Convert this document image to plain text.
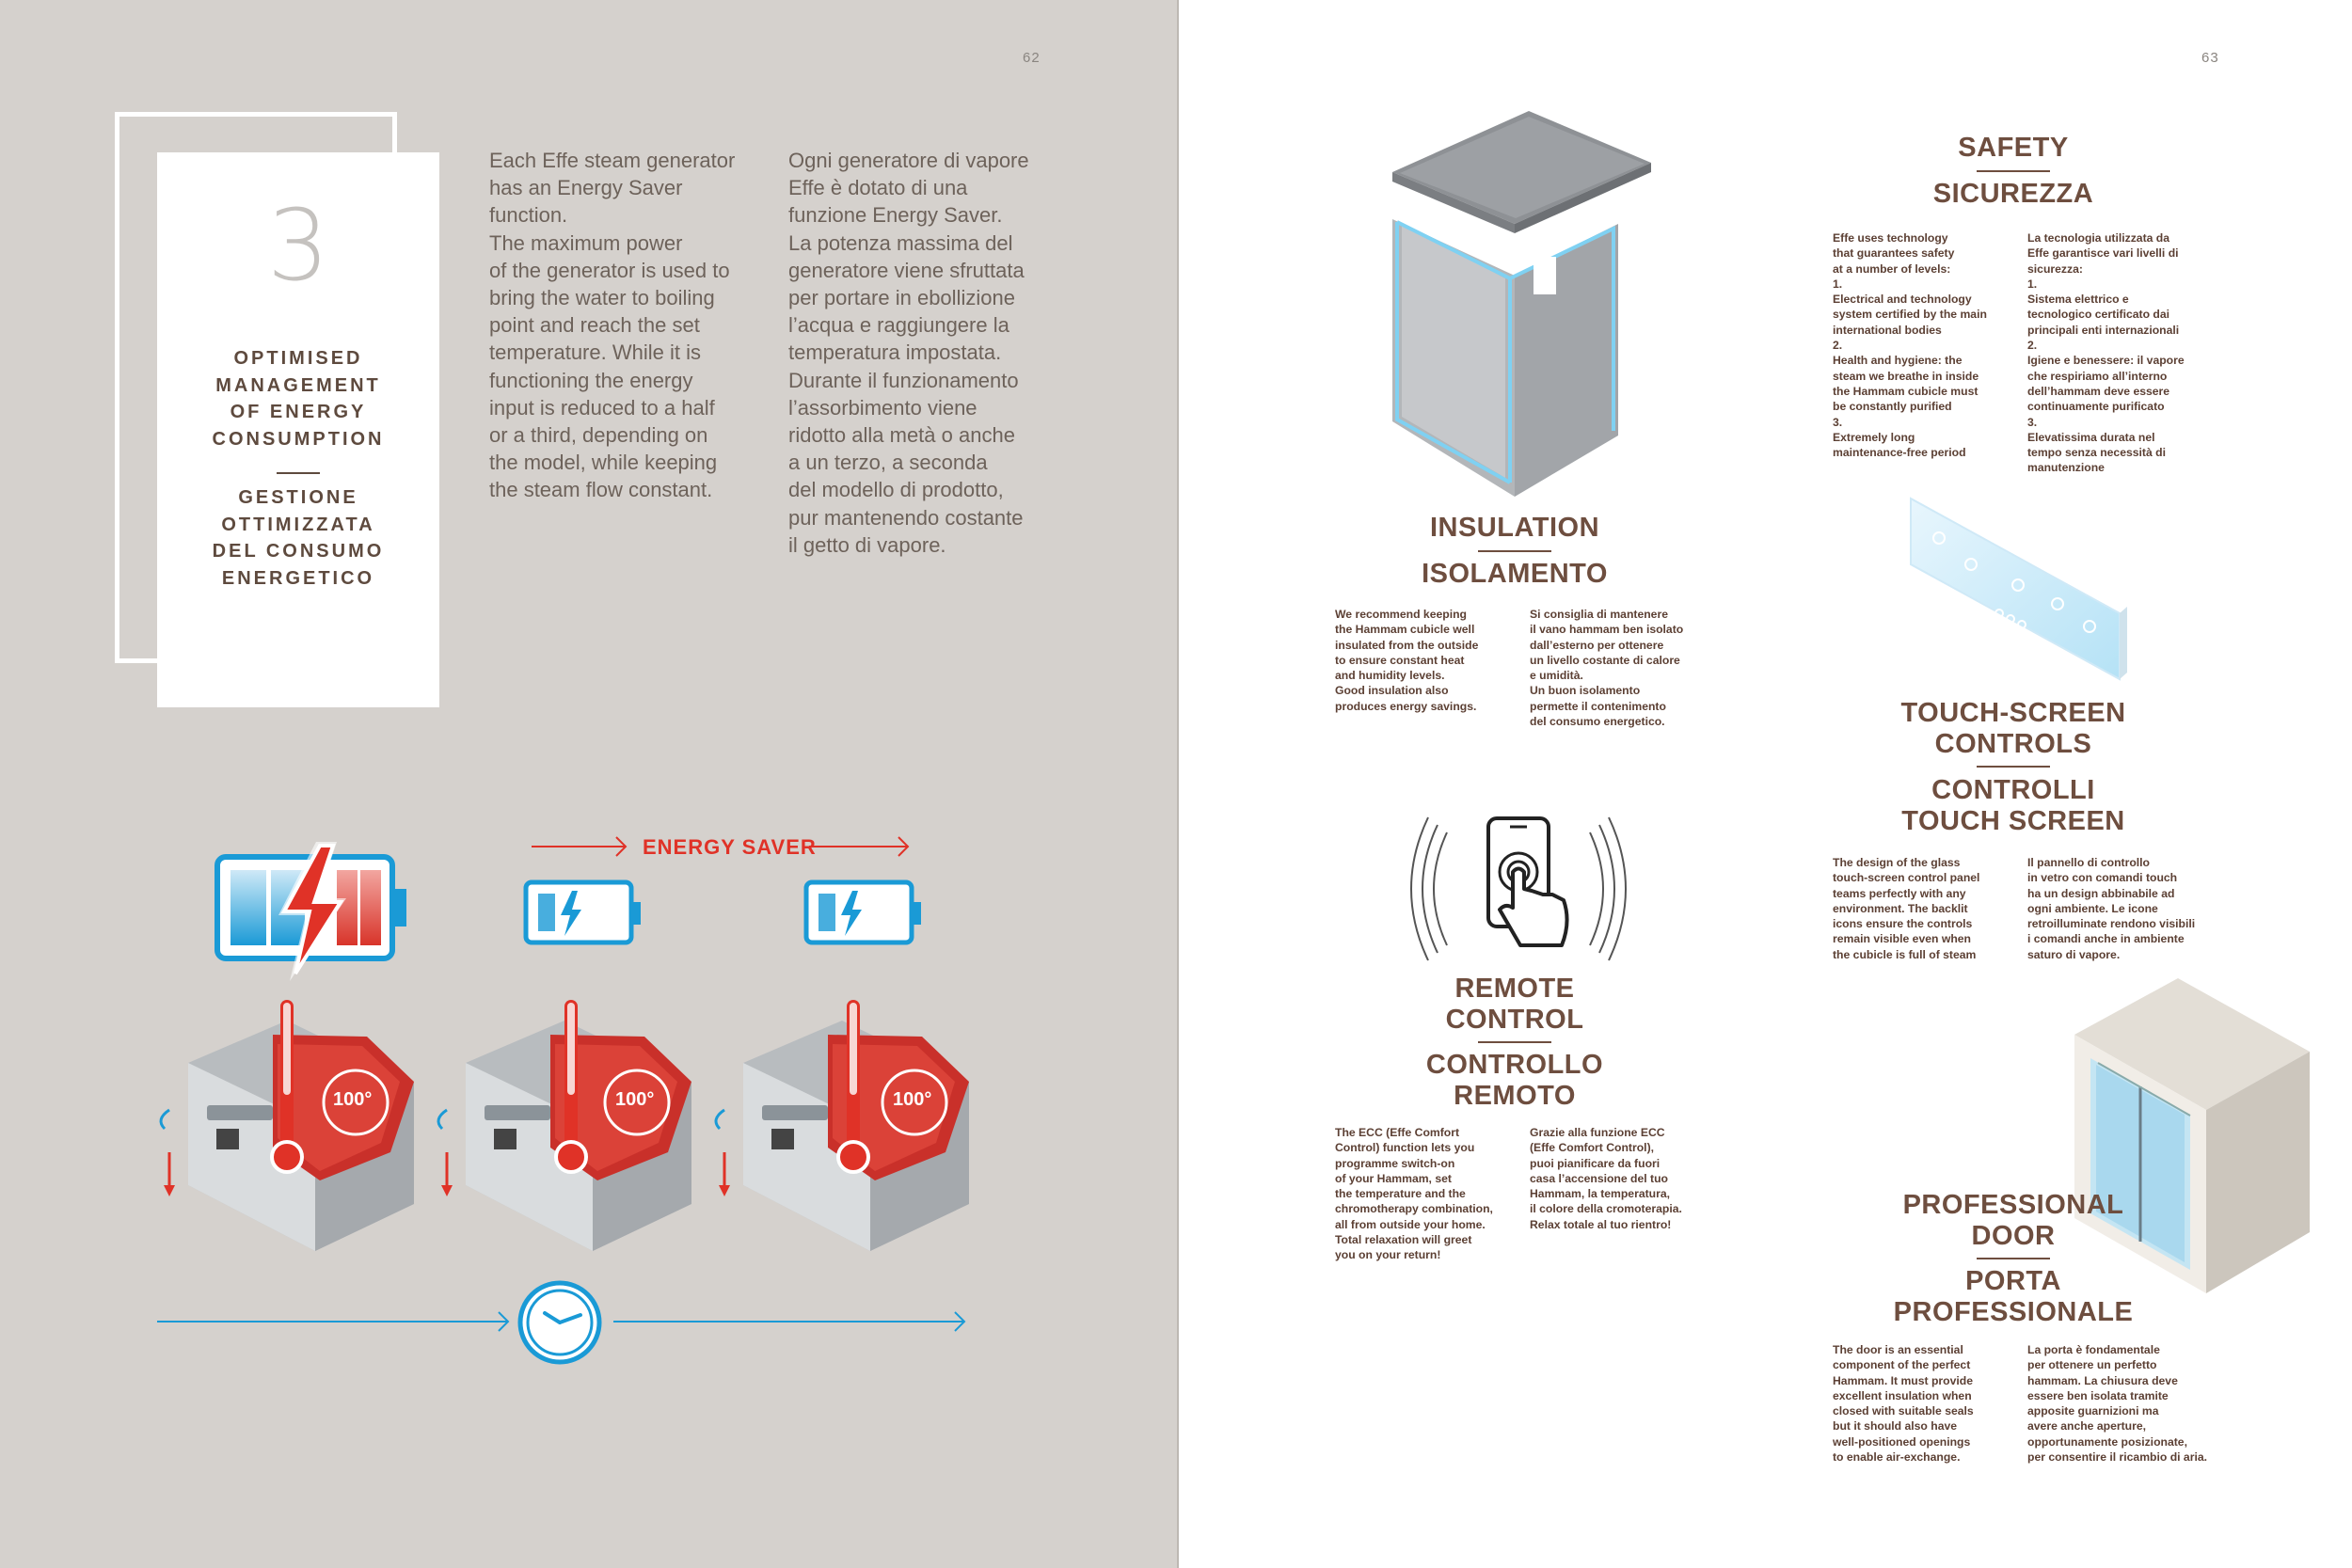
62
3
OPTIMISED
MANAGEMENT
OF ENERGY
CONSUMPTION
GESTIONE
OTTIMIZZATA
DEL CONSUMO
ENERGETICO
Each Effe steam generator
has an Energy Saver
function.
The maximum power
of the generator is used to
bring the water to boiling
point and reach the set
temperature. While it is
functioning the energy
input is reduced to a half
or a third, depending on
the model, while keeping
the steam flow constant.
Ogni generatore di vapore
Effe è dotato di una
funzione Energy Saver.
La potenza massima del
generatore viene sfruttata
per portare in ebollizione
l’acqua e raggiungere la
temperatura impostata.
Durante il funzionamento
l’assorbimento viene
ridotto alla metà o anche
a un terzo, a seconda
del modello di prodotto,
pur mantenendo costante
il getto di vapore.
ENERGY SAVER
100°	100°	100°
63
INSULATION
ISOLAMENTO
We recommend keeping
the Hammam cubicle well
insulated from the outside
to ensure constant heat
and humidity levels.
Good insulation also
produces energy savings.
Si consiglia di mantenere
il vano hammam ben isolato
dall’esterno per ottenere
un livello costante di calore
e umidità.
Un buon isolamento
permette il contenimento
del consumo energetico.
REMOTE
CONTROL
CONTROLLO
REMOTO
The ECC (Effe Comfort
Control) function lets you
programme switch-on
of your Hammam, set
the temperature and the
chromotherapy combination,
all from outside your home.
Total relaxation will greet
you on your return!
Grazie alla funzione ECC
(Effe Comfort Control),
puoi pianificare da fuori
casa l’accensione del tuo
Hammam, la temperatura,
il colore della cromoterapia.
Relax totale al tuo rientro!
SAFETY
SICUREZZA
Effe uses technology
that guarantees safety
at a number of levels:
1.
Electrical and technology
system certified by the main
international bodies
2.
Health and hygiene: the
steam we breathe in inside
the Hammam cubicle must
be constantly purified
3.
Extremely long
maintenance-free period
La tecnologia utilizzata da
Effe garantisce vari livelli di
sicurezza:
1.
Sistema elettrico e
tecnologico certificato dai
principali enti internazionali
2.
Igiene e benessere: il vapore
che respiriamo all’interno
dell’hammam deve essere
continuamente purificato
3.
Elevatissima durata nel
tempo senza necessità di
manutenzione
TOUCH-SCREEN
CONTROLS
CONTROLLI
TOUCH SCREEN
The design of the glass
touch-screen control panel
teams perfectly with any
environment. The backlit
icons ensure the controls
remain visible even when
the cubicle is full of steam
Il pannello di controllo
in vetro con comandi touch
ha un design abbinabile ad
ogni ambiente. Le icone
retroilluminate rendono visibili
i comandi anche in ambiente
saturo di vapore.
PROFESSIONAL
DOOR
PORTA
PROFESSIONALE
The door is an essential
component of the perfect
Hammam. It must provide
excellent insulation when
closed with suitable seals
but it should also have
well-positioned openings
to enable air-exchange.
La porta è fondamentale
per ottenere un perfetto
hammam. La chiusura deve
essere ben isolata tramite
apposite guarnizioni ma
avere anche aperture,
opportunamente posizionate,
per consentire il ricambio di aria.
